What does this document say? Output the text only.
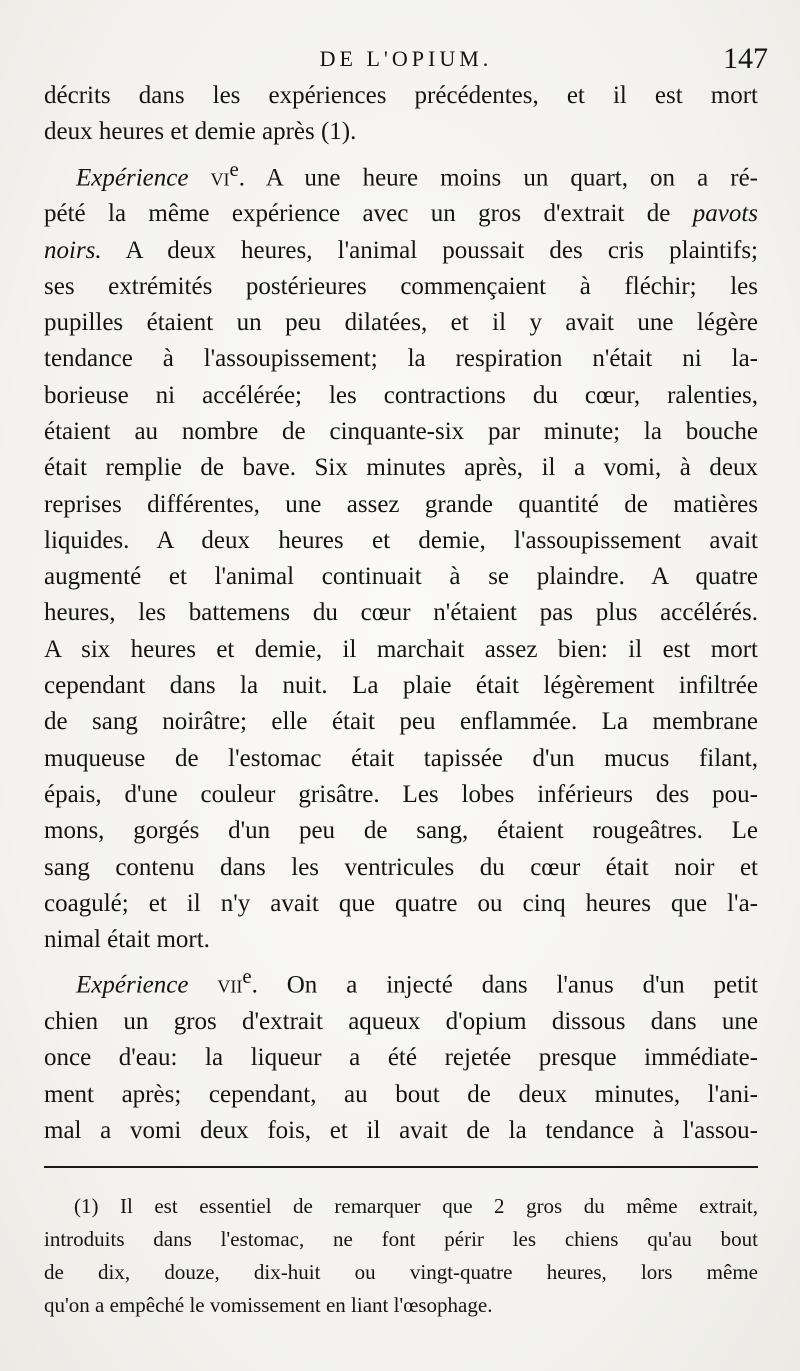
DE L'OPIUM.	147
décrits dans les expériences précédentes, et il est mort
deux heures et demie après (1).
Expérience $vi^e$. A une heure moins un quart, on a ré-
pété la même expérience avec un gros d'extrait de pavots
noirs. A deux heures, l'animal poussait des cris plaintifs;
ses extrémités postérieures commençaient à fléchir; les
pupilles étaient un peu dilatées, et il y avait une légère
tendance à l'assoupissement; la respiration n'était ni la-
borieuse ni accélérée; les contractions du cœur, ralenties,
étaient au nombre de cinquante-six par minute; la bouche
était remplie de bave. Six minutes après, il a vomi, à deux
reprises différentes, une assez grande quantité de matières
liquides. A deux heures et demie, l'assoupissement avait
augmenté et l'animal continuait à se plaindre. A quatre
heures, les battemens du cœur n'étaient pas plus accélérés.
A six heures et demie, il marchait assez bien: il est mort
cependant dans la nuit. La plaie était légèrement infiltrée
de sang noirâtre; elle était peu enflammée. La membrane
muqueuse de l'estomac était tapissée d'un mucus filant,
épais, d'une couleur grisâtre. Les lobes inférieurs des pou-
mons, gorgés d'un peu de sang, étaient rougeâtres. Le
sang contenu dans les ventricules du cœur était noir et
coagulé; et il n'y avait que quatre ou cinq heures que l'a-
nimal était mort.
Expérience vii$^e$. On a injecté dans l'anus d'un petit
chien un gros d'extrait aqueux d'opium dissous dans une
once d'eau: la liqueur a été rejetée presque immédiate-
ment après; cependant, au bout de deux minutes, l'ani-
mal a vomi deux fois, et il avait de la tendance à l'assou-
(1) Il est essentiel de remarquer que 2 gros du même extrait,
introduits dans l'estomac, ne font périr les chiens qu'au bout
de dix, douze, dix-huit ou vingt-quatre heures, lors même
qu'on a empêché le vomissement en liant l'œsophage.
